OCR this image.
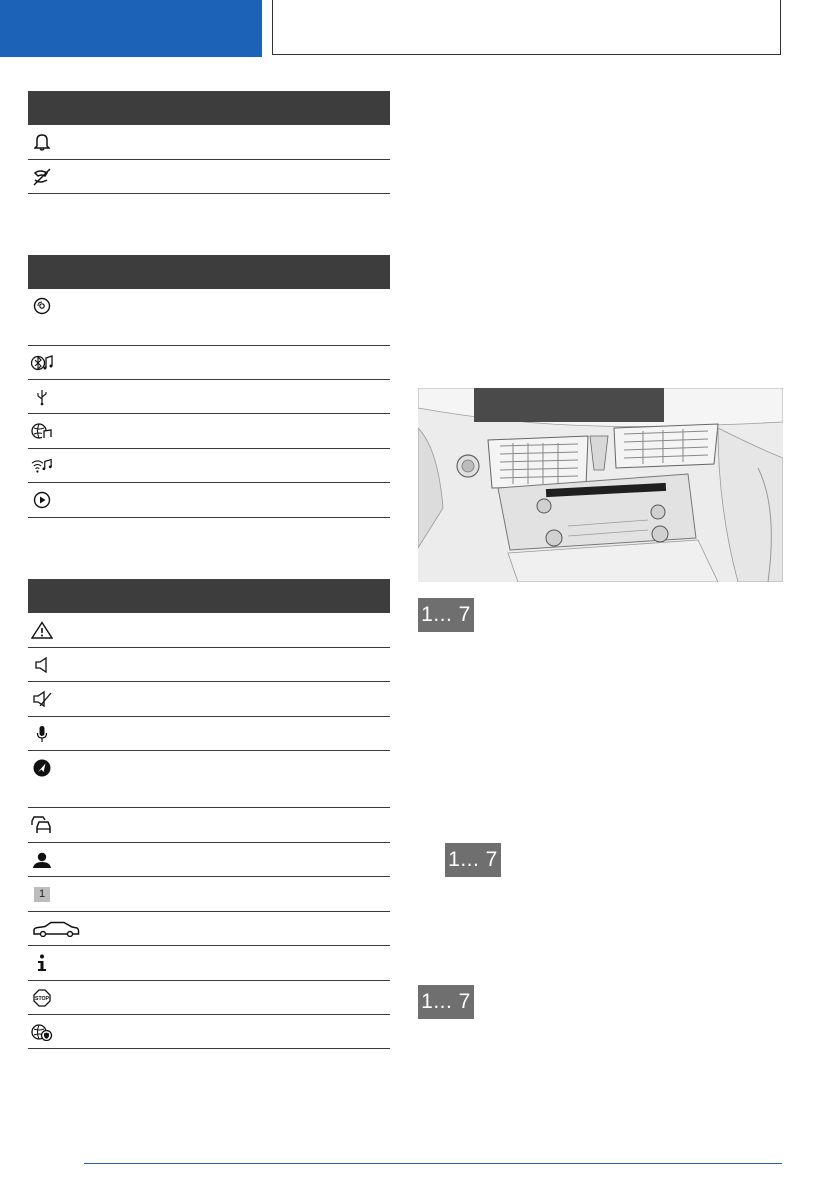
1
STOP
1... 7
1... 7
1... 7
